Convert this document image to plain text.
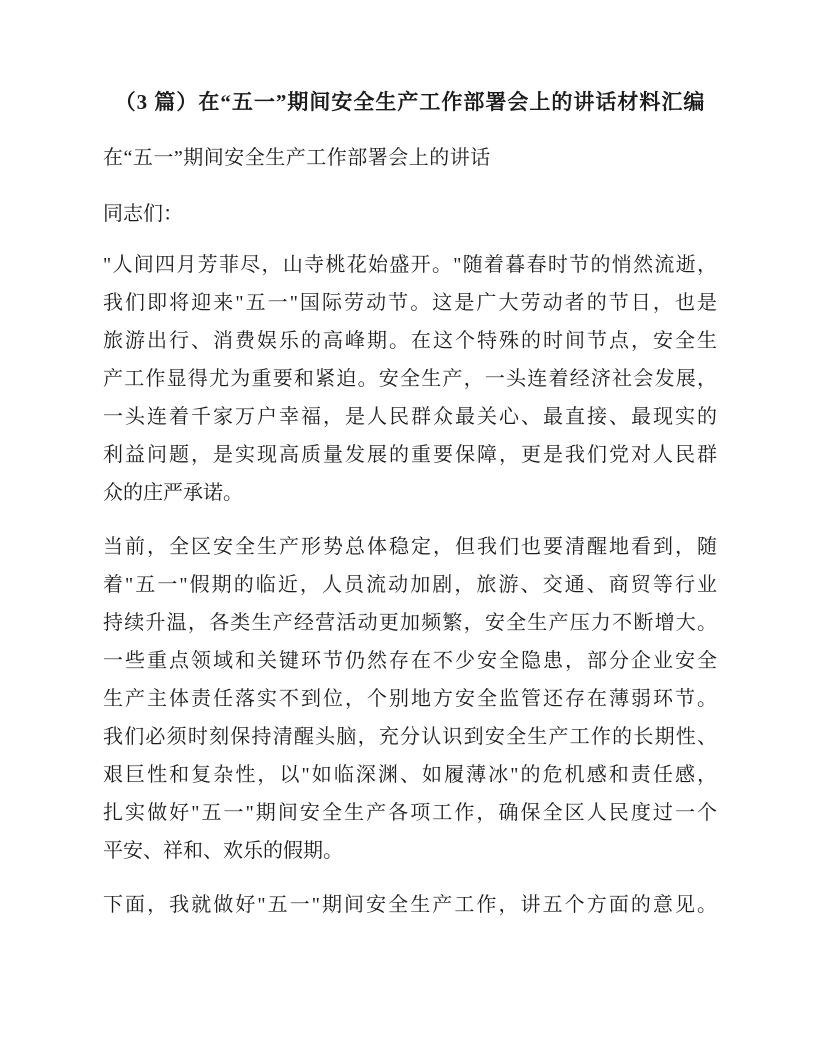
（3 篇）在“五一”期间安全生产工作部署会上的讲话材料汇编
在“五一”期间安全生产工作部署会上的讲话
同志们：
"人间四月芳菲尽，山寺桃花始盛开。"随着暮春时节的悄然流逝，
我们即将迎来"五一"国际劳动节。这是广大劳动者的节日，也是
旅游出行、消费娱乐的高峰期。在这个特殊的时间节点，安全生
产工作显得尤为重要和紧迫。安全生产，一头连着经济社会发展，
一头连着千家万户幸福，是人民群众最关心、最直接、最现实的
利益问题，是实现高质量发展的重要保障，更是我们党对人民群
众的庄严承诺。
当前，全区安全生产形势总体稳定，但我们也要清醒地看到，随
着"五一"假期的临近，人员流动加剧，旅游、交通、商贸等行业
持续升温，各类生产经营活动更加频繁，安全生产压力不断增大。
一些重点领域和关键环节仍然存在不少安全隐患，部分企业安全
生产主体责任落实不到位，个别地方安全监管还存在薄弱环节。
我们必须时刻保持清醒头脑，充分认识到安全生产工作的长期性、
艰巨性和复杂性，以"如临深渊、如履薄冰"的危机感和责任感，
扎实做好"五一"期间安全生产各项工作，确保全区人民度过一个
平安、祥和、欢乐的假期。
下面，我就做好"五一"期间安全生产工作，讲五个方面的意见。
